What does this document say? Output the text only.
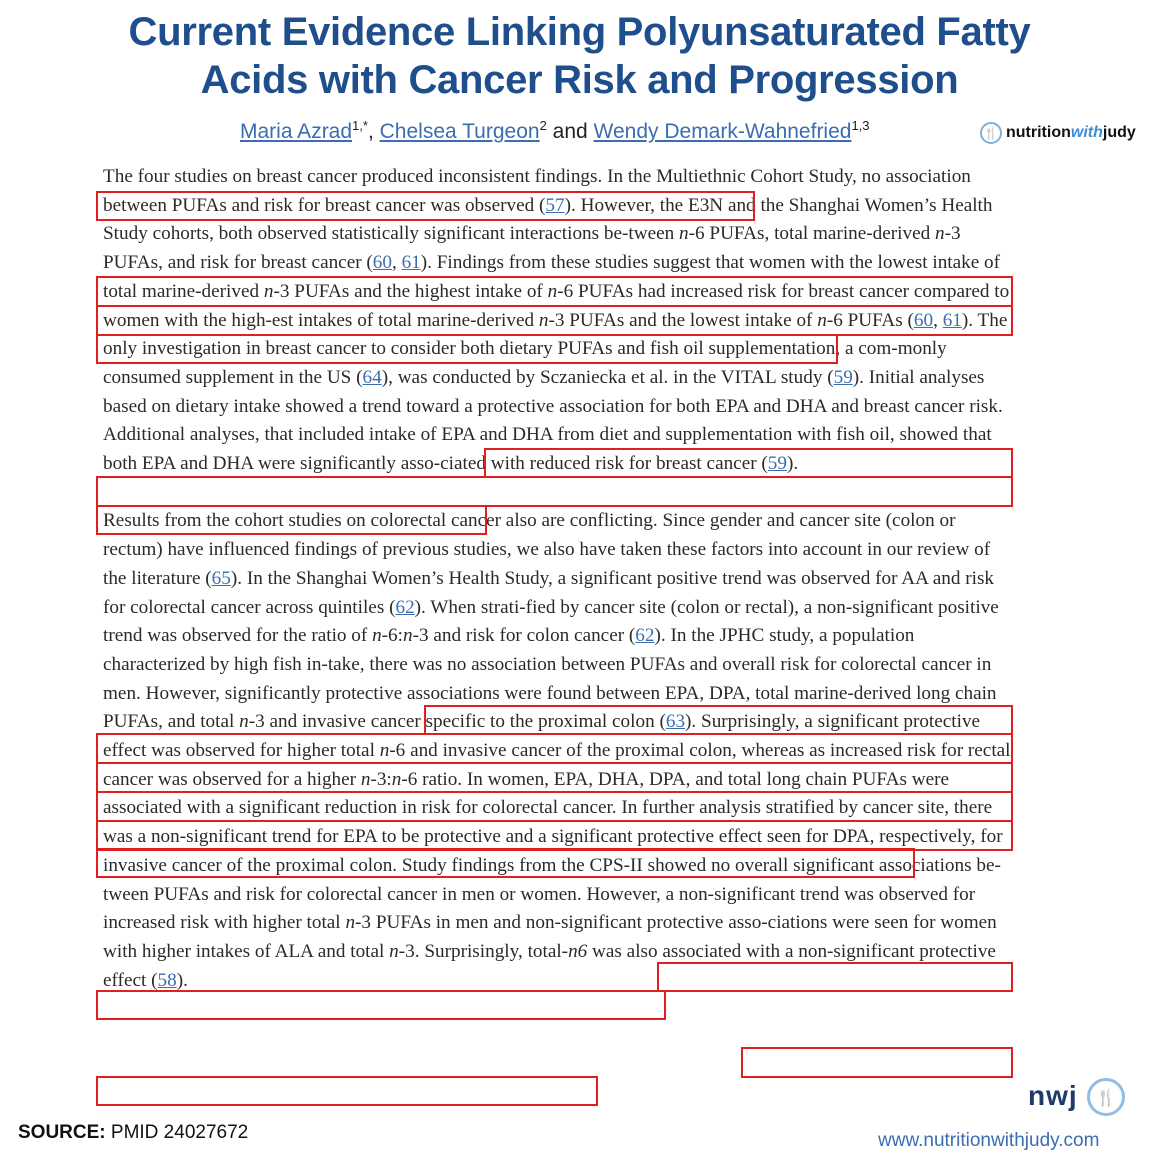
Current Evidence Linking Polyunsaturated Fatty
Acids with Cancer Risk and Progression
Maria Azrad$^{1,*}$, Chelsea Turgeon$^2$ and Wendy Demark-Wahnefried$^{1,3}$
🍴 nutritionwithjudy

The four studies on breast cancer produced inconsistent findings. In the Multiethnic Cohort Study, no association between PUFAs and risk for breast cancer was observed (57). However, the E3N and the Shanghai Women’s Health Study cohorts, both observed statistically significant interactions be-tween n-6 PUFAs, total marine-derived n-3 PUFAs, and risk for breast cancer (60, 61). Findings from these studies suggest that women with the lowest intake of total marine-derived n-3 PUFAs and the highest intake of n-6 PUFAs had increased risk for breast cancer compared to women with the high-est intakes of total marine-derived n-3 PUFAs and the lowest intake of n-6 PUFAs (60, 61). The only investigation in breast cancer to consider both dietary PUFAs and fish oil supplementation, a com-monly consumed supplement in the US (64), was conducted by Sczaniecka et al. in the VITAL study (59). Initial analyses based on dietary intake showed a trend toward a protective association for both EPA and DHA and breast cancer risk. Additional analyses, that included intake of EPA and DHA from diet and supplementation with fish oil, showed that both EPA and DHA were significantly asso-ciated with reduced risk for breast cancer (59).

Results from the cohort studies on colorectal cancer also are conflicting. Since gender and cancer site (colon or rectum) have influenced findings of previous studies, we also have taken these factors into account in our review of the literature (65). In the Shanghai Women’s Health Study, a significant positive trend was observed for AA and risk for colorectal cancer across quintiles (62). When strati-fied by cancer site (colon or rectal), a non-significant positive trend was observed for the ratio of n-6:n-3 and risk for colon cancer (62). In the JPHC study, a population characterized by high fish in-take, there was no association between PUFAs and overall risk for colorectal cancer in men. However, significantly protective associations were found between EPA, DPA, total marine-derived long chain PUFAs, and total n-3 and invasive cancer specific to the proximal colon (63). Surprisingly, a significant protective effect was observed for higher total n-6 and invasive cancer of the proximal colon, whereas as increased risk for rectal cancer was observed for a higher n-3:n-6 ratio. In women, EPA, DHA, DPA, and total long chain PUFAs were associated with a significant reduction in risk for colorectal cancer. In further analysis stratified by cancer site, there was a non-significant trend for EPA to be protective and a significant protective effect seen for DPA, respectively, for invasive cancer of the proximal colon. Study findings from the CPS-II showed no overall significant associations be-tween PUFAs and risk for colorectal cancer in men or women. However, a non-significant trend was observed for increased risk with higher total n-3 PUFAs in men and non-significant protective asso-ciations were seen for women with higher intakes of ALA and total n-3. Surprisingly, total-n6 was also associated with a non-significant protective effect (58).

nwj	🍴
SOURCE: PMID 24027672	www.nutritionwithjudy.com
